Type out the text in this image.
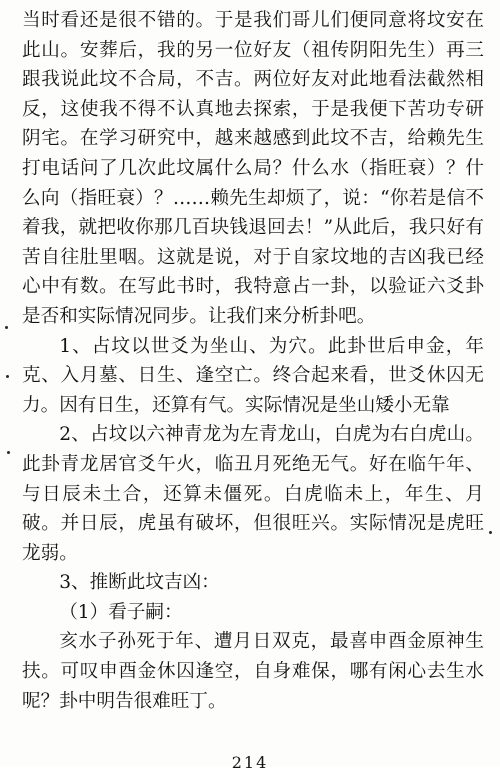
当时看还是很不错的。于是我们哥儿们便同意将坟安在此山。安葬后，我的另一位好友（祖传阴阳先生）再三跟我说此坟不合局，不吉。两位好友对此地看法截然相反，这使我不得不认真地去探索，于是我便下苦功专研阴宅。在学习研究中，越来越感到此坟不吉，给赖先生打电话问了几次此坟属什么局？什么水（指旺衰）？什么向（指旺衰）？……赖先生却烦了，说：“你若是信不着我，就把收你那几百块钱退回去！”从此后，我只好有苦自往肚里咽。这就是说，对于自家坟地的吉凶我已经心中有数。在写此书时，我特意占一卦，以验证六爻卦是否和实际情况同步。让我们来分析卦吧。

1、占坟以世爻为坐山、为穴。此卦世后申金，年克、入月墓、日生、逢空亡。终合起来看，世爻休囚无力。因有日生，还算有气。实际情况是坐山矮小无靠

2、占坟以六神青龙为左青龙山，白虎为右白虎山。此卦青龙居官爻午火，临丑月死绝无气。好在临午年、与日辰未土合，还算未僵死。白虎临未上，年生、月破。并日辰，虎虽有破坏，但很旺兴。实际情况是虎旺龙弱。

3、推断此坟吉凶：

（1）看子嗣：

亥水子孙死于年、遭月日双克，最喜申酉金原神生扶。可叹申酉金休囚逢空，自身难保，哪有闲心去生水呢？卦中明告很难旺丁。

214
